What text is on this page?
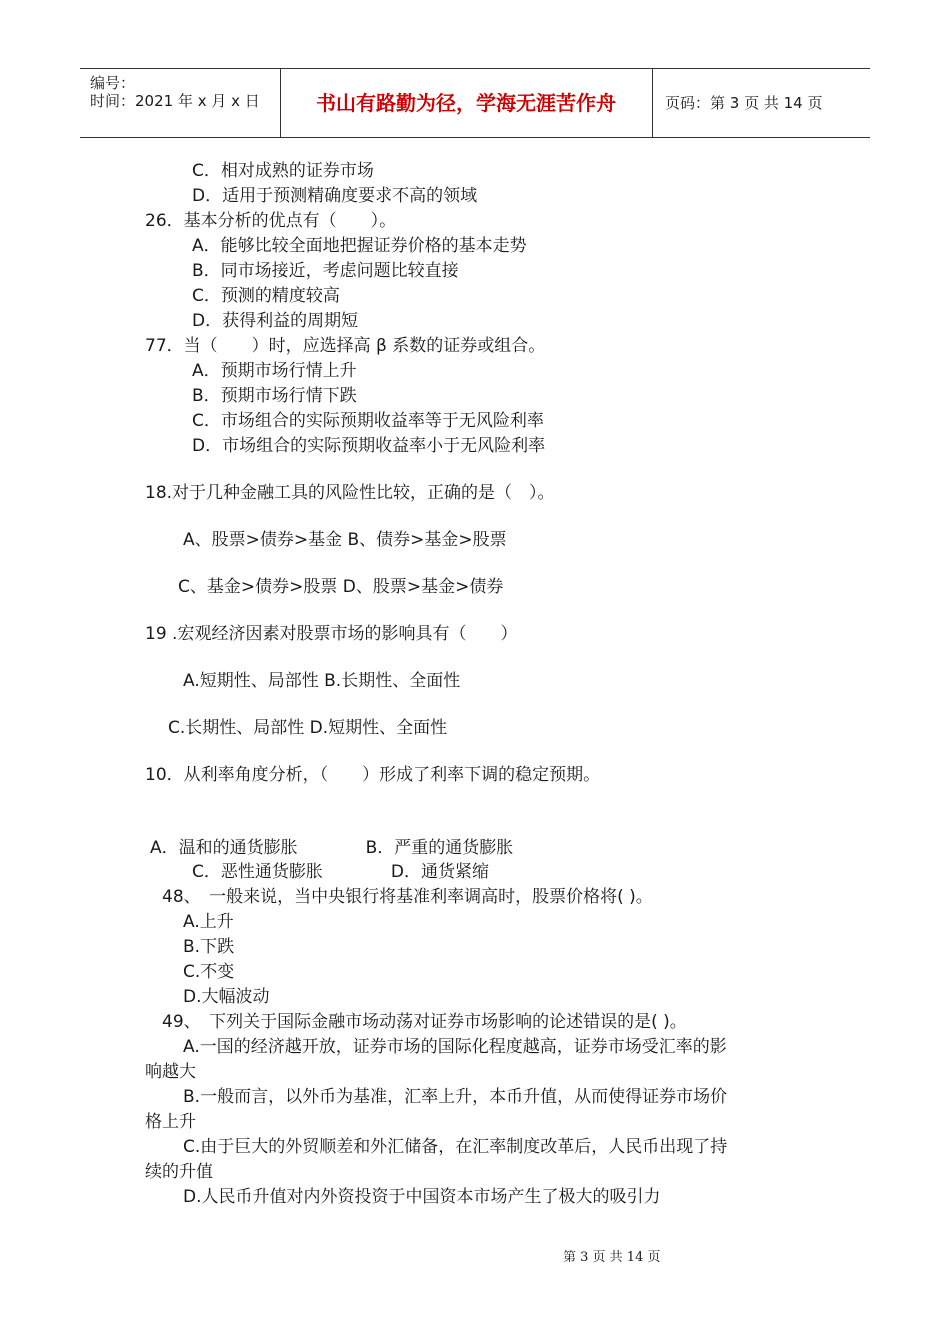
编号：
时间：2021 年 x 月 x 日	书山有路勤为径，学海无涯苦作舟	页码：第 3 页 共 14 页
C．相对成熟的证券市场
D．适用于预测精确度要求不高的领域
26．基本分析的优点有（　　）。
A．能够比较全面地把握证券价格的基本走势
B．同市场接近，考虑问题比较直接
C．预测的精度较高
D．获得利益的周期短
77．当（　　）时，应选择高 β 系数的证券或组合。
A．预期市场行情上升
B．预期市场行情下跌
C．市场组合的实际预期收益率等于无风险利率
D．市场组合的实际预期收益率小于无风险利率
18.对于几种金融工具的风险性比较，正确的是（　）。
A、股票>债券>基金 B、债券>基金>股票
C、基金>债券>股票 D、股票>基金>债券
19 .宏观经济因素对股票市场的影响具有（　　）
A.短期性、局部性 B.长期性、全面性
C.长期性、局部性 D.短期性、全面性
10．从利率角度分析，（　　）形成了利率下调的稳定预期。
A．温和的通货膨胀　　　　B．严重的通货膨胀
C．恶性通货膨胀　　　　D．通货紧缩
48、　一般来说，当中央银行将基准利率调高时，股票价格将( )。
A.上升
B.下跌
C.不变
D.大幅波动
49、　下列关于国际金融市场动荡对证券市场影响的论述错误的是( )。
A.一国的经济越开放，证券市场的国际化程度越高，证券市场受汇率的影
响越大
B.一般而言，以外币为基准，汇率上升，本币升值，从而使得证券市场价
格上升
C.由于巨大的外贸顺差和外汇储备，在汇率制度改革后，人民币出现了持
续的升值
D.人民币升值对内外资投资于中国资本市场产生了极大的吸引力
第 3 页 共 14 页
